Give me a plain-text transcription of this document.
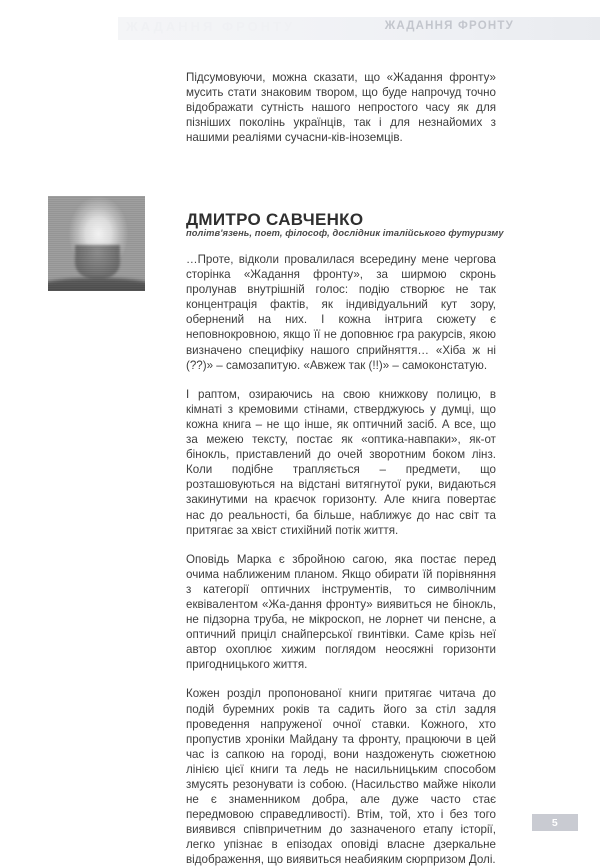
ЖАДАННЯ ФРОНТУ	ЖАДАННЯ ФРОНТУ

Підсумовуючи, можна сказати, що «Жадання фронту» мусить стати знаковим твором, що буде напрочуд точно відображати сутність нашого непростого часу як для пізніших поколінь українців, так і для незнайомих з нашими реаліями сучасни-ків-іноземців.

ДМИТРО САВЧЕНКО
політв'язень, поет, філософ, дослідник італійського футуризму

…Проте, відколи провалилася всередину мене чергова сторінка «Жадання фронту», за ширмою скронь пролунав внутрішній голос: подію створює не так концентрація фактів, як індивідуальний кут зору, обернений на них. І кожна інтрига сюжету є неповнокровною, якщо її не доповнює гра ракурсів, якою визначено специфіку нашого сприйняття… «Хіба ж ні (??)» – самозапитую. «Авжеж так (!!)» – самоконстатую.

І раптом, озираючись на свою книжкову полицю, в кімнаті з кремовими стінами, стверджуюсь у думці, що кожна книга – не що інше, як оптичний засіб. А все, що за межею тексту, постає як «оптика-навпаки», як-от бінокль, приставлений до очей зворотним боком лінз. Коли подібне трапляється – предмети, що розташовуються на відстані витягнутої руки, видаються закинутими на краєчок горизонту. Але книга повертає нас до реальності, ба більше, наближує до нас світ та притягає за хвіст стихійний потік життя.

Оповідь Марка є збройною сагою, яка постає перед очима наближеним планом. Якщо обирати їй порівняння з категорії оптичних інструментів, то символічним еквівалентом «Жа-дання фронту» виявиться не бінокль, не підзорна труба, не мікроскоп, не лорнет чи пенсне, а оптичний приціл снайперської гвинтівки. Саме крізь неї автор охоплює хижим поглядом неосяжні горизонти пригодницького життя.

Кожен розділ пропонованої книги притягає читача до подій буремних років та садить його за стіл задля проведення напруженої очної ставки. Кожного, хто пропустив хроніки Майдану та фронту, працюючи в цей час із сапкою на городі, вони наздоженуть сюжетною лінією цієї книги та ледь не насильницьким способом змусять резонувати із собою. (Насильство майже ніколи не є знаменником добра, але дуже часто стає передмовою справедливості). Втім, той, хто і без того виявився співпричетним до зазначеного етапу історії, легко упізнає в епізодах оповіді власне дзеркальне відображення, що виявиться неабияким сюрпризом Долі.

5
